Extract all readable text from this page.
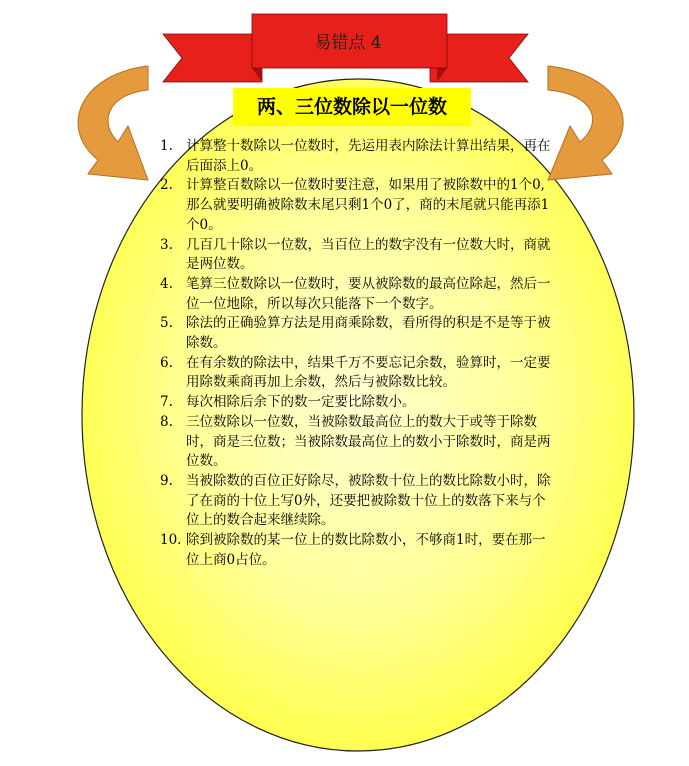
易错点 4
两、三位数除以一位数
1. 计算整十数除以一位数时，先运用表内除法计算出结果，再在后面添上0。
2. 计算整百数除以一位数时要注意，如果用了被除数中的1个0,那么就要明确被除数末尾只剩1个0了，商的末尾就只能再添1个0。
3. 几百几十除以一位数，当百位上的数字没有一位数大时，商就是两位数。
4. 笔算三位数除以一位数时，要从被除数的最高位除起，然后一位一位地除，所以每次只能落下一个数字。
5. 除法的正确验算方法是用商乘除数，看所得的积是不是等于被除数。
6. 在有余数的除法中，结果千万不要忘记余数，验算时，一定要用除数乘商再加上余数，然后与被除数比较。
7. 每次相除后余下的数一定要比除数小。
8. 三位数除以一位数，当被除数最高位上的数大于或等于除数时，商是三位数；当被除数最高位上的数小于除数时，商是两位数。
9. 当被除数的百位正好除尽，被除数十位上的数比除数小时，除了在商的十位上写0外，还要把被除数十位上的数落下来与个位上的数合起来继续除。
10. 除到被除数的某一位上的数比除数小，不够商1时，要在那一位上商0占位。
